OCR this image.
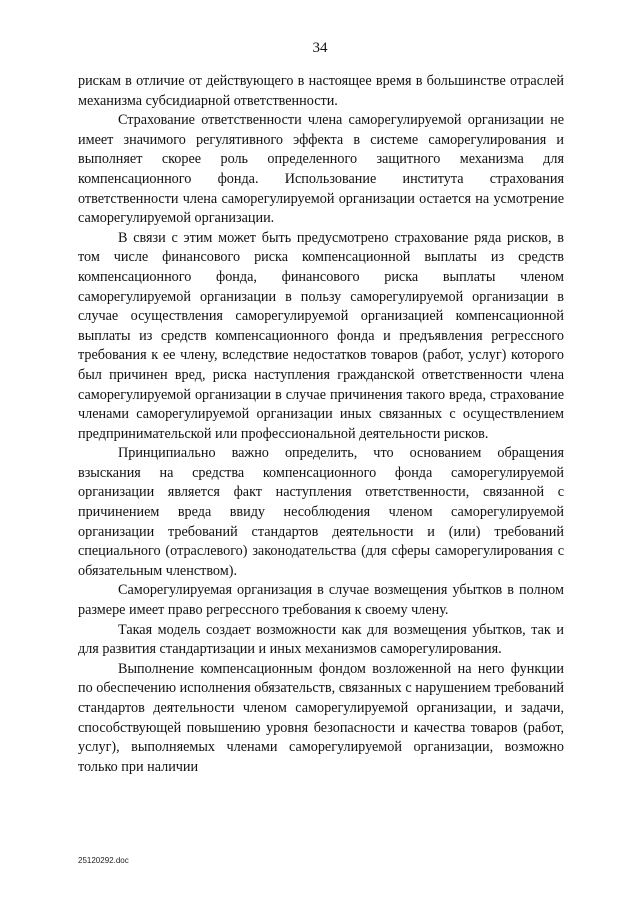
34

рискам в отличие от действующего в настоящее время в большинстве отраслей механизма субсидиарной ответственности.

Страхование ответственности члена саморегулируемой организации не имеет значимого регулятивного эффекта в системе саморегулирования и выполняет скорее роль определенного защитного механизма для компенсационного фонда. Использование института страхования ответственности члена саморегулируемой организации остается на усмотрение саморегулируемой организации.

В связи с этим может быть предусмотрено страхование ряда рисков, в том числе финансового риска компенсационной выплаты из средств компенсационного фонда, финансового риска выплаты членом саморегулируемой организации в пользу саморегулируемой организации в случае осуществления саморегулируемой организацией компенсационной выплаты из средств компенсационного фонда и предъявления регрессного требования к ее члену, вследствие недостатков товаров (работ, услуг) которого был причинен вред, риска наступления гражданской ответственности члена саморегулируемой организации в случае причинения такого вреда, страхование членами саморегулируемой организации иных связанных с осуществлением предпринимательской или профессиональной деятельности рисков.

Принципиально важно определить, что основанием обращения взыскания на средства компенсационного фонда саморегулируемой организации является факт наступления ответственности, связанной с причинением вреда ввиду несоблюдения членом саморегулируемой организации требований стандартов деятельности и (или) требований специального (отраслевого) законодательства (для сферы саморегулирования с обязательным членством).

Саморегулируемая организация в случае возмещения убытков в полном размере имеет право регрессного требования к своему члену.

Такая модель создает возможности как для возмещения убытков, так и для развития стандартизации и иных механизмов саморегулирования.

Выполнение компенсационным фондом возложенной на него функции по обеспечению исполнения обязательств, связанных с нарушением требований стандартов деятельности членом саморегулируемой организации, и задачи, способствующей повышению уровня безопасности и качества товаров (работ, услуг), выполняемых членами саморегулируемой организации, возможно только при наличии

25120292.doc
